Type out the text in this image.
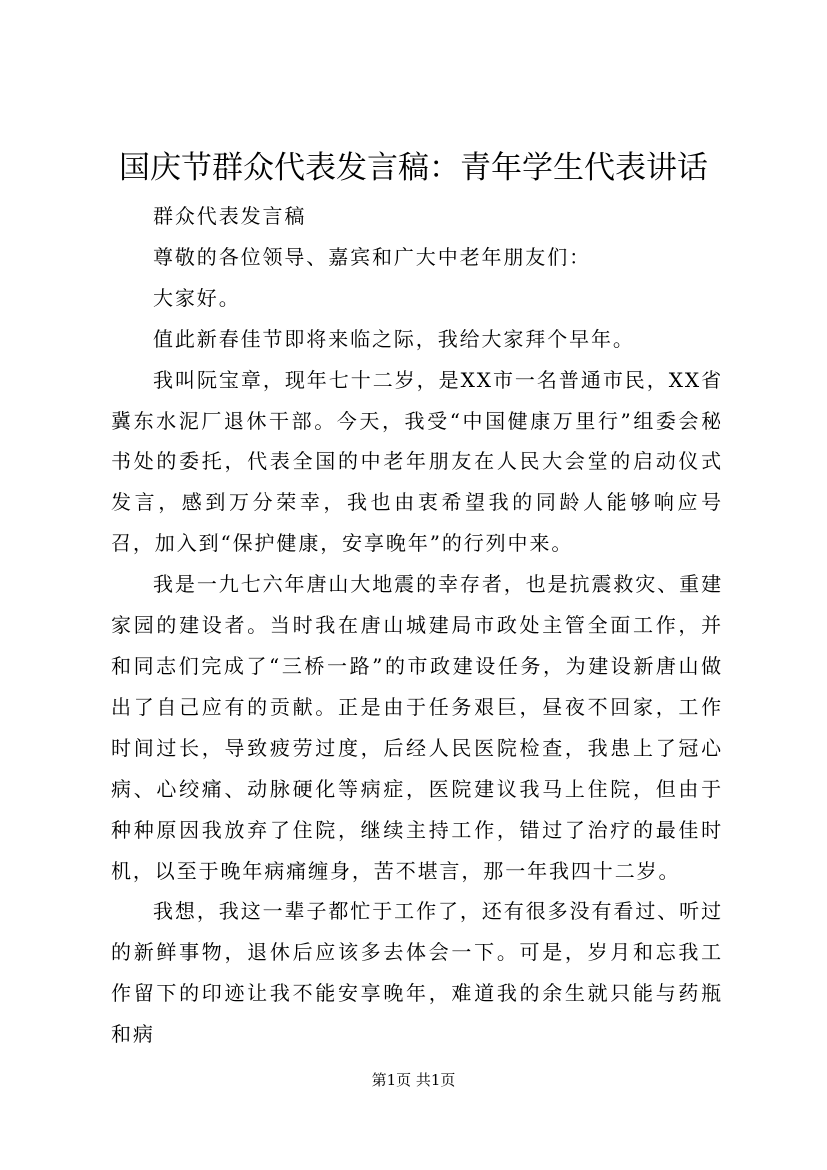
国庆节群众代表发言稿：青年学生代表讲话

群众代表发言稿

尊敬的各位领导、嘉宾和广大中老年朋友们：

大家好。

值此新春佳节即将来临之际，我给大家拜个早年。

我叫阮宝章，现年七十二岁，是XX市一名普通市民，XX省冀东水泥厂退休干部。今天，我受“中国健康万里行”组委会秘书处的委托，代表全国的中老年朋友在人民大会堂的启动仪式发言，感到万分荣幸，我也由衷希望我的同龄人能够响应号召，加入到“保护健康，安享晚年”的行列中来。

我是一九七六年唐山大地震的幸存者，也是抗震救灾、重建家园的建设者。当时我在唐山城建局市政处主管全面工作，并和同志们完成了“三桥一路”的市政建设任务，为建设新唐山做出了自己应有的贡献。正是由于任务艰巨，昼夜不回家，工作时间过长，导致疲劳过度，后经人民医院检查，我患上了冠心病、心绞痛、动脉硬化等病症，医院建议我马上住院，但由于种种原因我放弃了住院，继续主持工作，错过了治疗的最佳时机，以至于晚年病痛缠身，苦不堪言，那一年我四十二岁。

我想，我这一辈子都忙于工作了，还有很多没有看过、听过的新鲜事物，退休后应该多去体会一下。可是，岁月和忘我工作留下的印迹让我不能安享晚年，难道我的余生就只能与药瓶和病

第1页 共1页
